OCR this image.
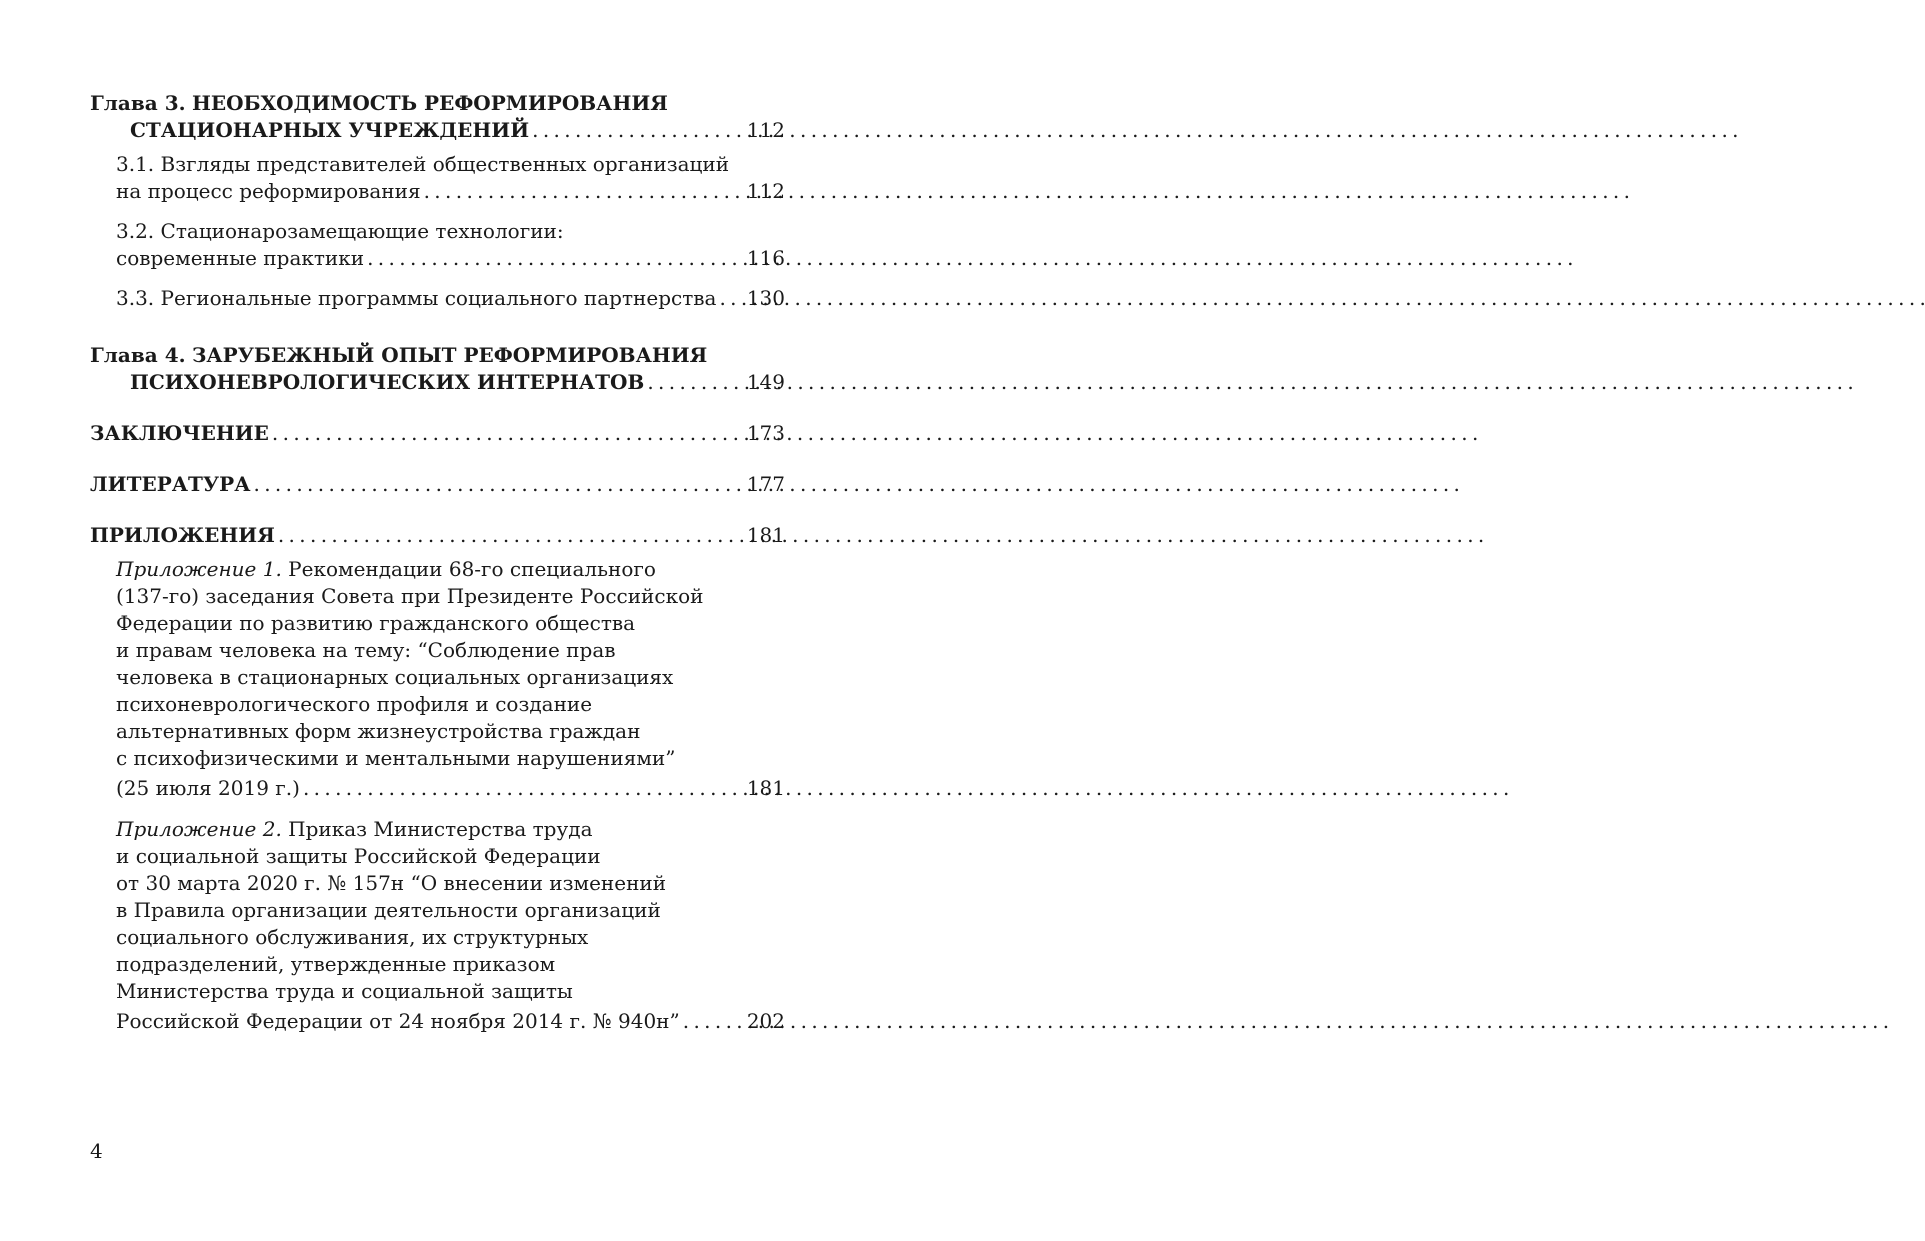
Глава 3. НЕОБХОДИМОСТЬ РЕФОРМИРОВАНИЯ
СТАЦИОНАРНЫХ УЧРЕЖДЕНИЙ . . .	112
3.1. Взгляды представителей общественных организаций
на процесс реформирования . . .	112
3.2. Стационарозамещающие технологии:
современные практики . . .	116
3.3. Региональные программы социального партнерства . . . 130
Глава 4. ЗАРУБЕЖНЫЙ ОПЫТ РЕФОРМИРОВАНИЯ
ПСИХОНЕВРОЛОГИЧЕСКИХ ИНТЕРНАТОВ . . .	149
ЗАКЛЮЧЕНИЕ . . .	173
ЛИТЕРАТУРА . . .	177
ПРИЛОЖЕНИЯ . . .	181
Приложение 1. Рекомендации 68-го специального
(137-го) заседания Совета при Президенте Российской
Федерации по развитию гражданского общества
и правам человека на тему: “Соблюдение прав
человека в стационарных социальных организациях
психоневрологического профиля и создание
альтернативных форм жизнеустройства граждан
с психофизическими и ментальными нарушениями”
(25 июля 2019 г.) . . .	181
Приложение 2. Приказ Министерства труда
и социальной защиты Российской Федерации
от 30 марта 2020 г. № 157н “О внесении изменений
в Правила организации деятельности организаций
социального обслуживания, их структурных
подразделений, утвержденные приказом
Министерства труда и социальной защиты
Российской Федерации от 24 ноября 2014 г. № 940н” . . .	202
4
